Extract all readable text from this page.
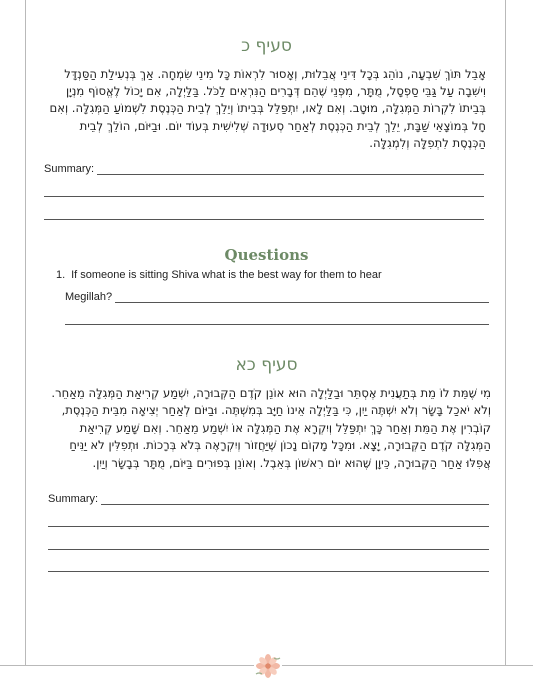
סעיף כ
אָבֵל תּוֹךְ שִׁבְעָה, נוֹהֵג בְּכָל דִּינֵי אֲבֵלוּת, וְאָסוּר לִרְאוֹת כָּל מִינֵי שִׂמְחָה. אַךְ בְּנְעִילַת הַסַּנְדָּל וִישִׁבָה עַל גַּבֵּי סַפְסָל, מֻתָּר, מִפְּנֵי שֶׁהֵם דְּבָרִים הַנִּרְאִים לַכֹּל. בַּלַּיְלָה, אִם יָכוֹל לֶאֱסוֹף מִנְיָן בְּבֵיתוֹ לִקְרוֹת הַמְּגִלָּה, מוּטָב. וְאִם לָאו, יִתְפַּלֵּל בְּבֵיתוֹ וְיֵלֵךְ לְבֵית הַכְּנֶסֶת לִשְׁמוֹעַ הַמְּגִלָּה. וְאִם חָל בְּמוֹצָאֵי שַׁבָּת, יֵלֵךְ לְבֵית הַכְּנֶסֶת לְאַחַר סְעוּדָה שְׁלִישִׁית בְּעוֹד יוֹם. וּבַיּוֹם, הוֹלֵךְ לְבֵית הַכְּנֶסֶת לִתְפִלָּה וְלִמְגִלָּה.
Summary:
Questions
1. If someone is sitting Shiva what is the best way for them to hear
Megillah?
סעיף כא
מִי שֶׁמֵּת לוֹ מֵת בְּתַעֲנִית אֶסְתֵּר וּבַלַּיְלָה הוּא אוֹנֵן קֹדֶם הַקְּבוּרָה, יִשְׁמַע קְרִיאַת הַמְּגִלָּה מֵאַחֵר. וְלֹא יֹאכַל בָּשָׂר וְלֹא יִשְׁתֶּה יַיִן, כִּי בַּלַּיְלָה אֵינוֹ חַיָּב בְּמִשְׁתֶּה. וּבַיּוֹם לְאַחַר יְצִיאָה מִבֵּית הַכְּנֶסֶת, קוֹבְרִין אֶת הַמֵּת וְאַחַר כָּךְ יִתְפַּלֵּל וְיִקְרָא אֶת הַמְּגִלָּה אוֹ יִשְׁמַע מֵאַחֵר. וְאִם שָׁמַע קְרִיאַת הַמְּגִלָּה קֹדֶם הַקְּבוּרָה, יָצָא. וּמִכָּל מָקוֹם נָכוֹן שֶׁיַּחֲזוֹר וְיִקְרָאֶה בְּלֹא בְּרָכוֹת. וּתְפִלִּין לֹא יַנִּיחַ אֲפִלּוּ אַחַר הַקְּבוּרָה, כֵּיוָן שֶׁהוּא יוֹם רִאשׁוֹן בְּאֵבֶל. וְאוֹנֵן בְּפוּרִים בַּיּוֹם, מֻתָּר בְּבָשָׂר וְיַיִן.
Summary:
